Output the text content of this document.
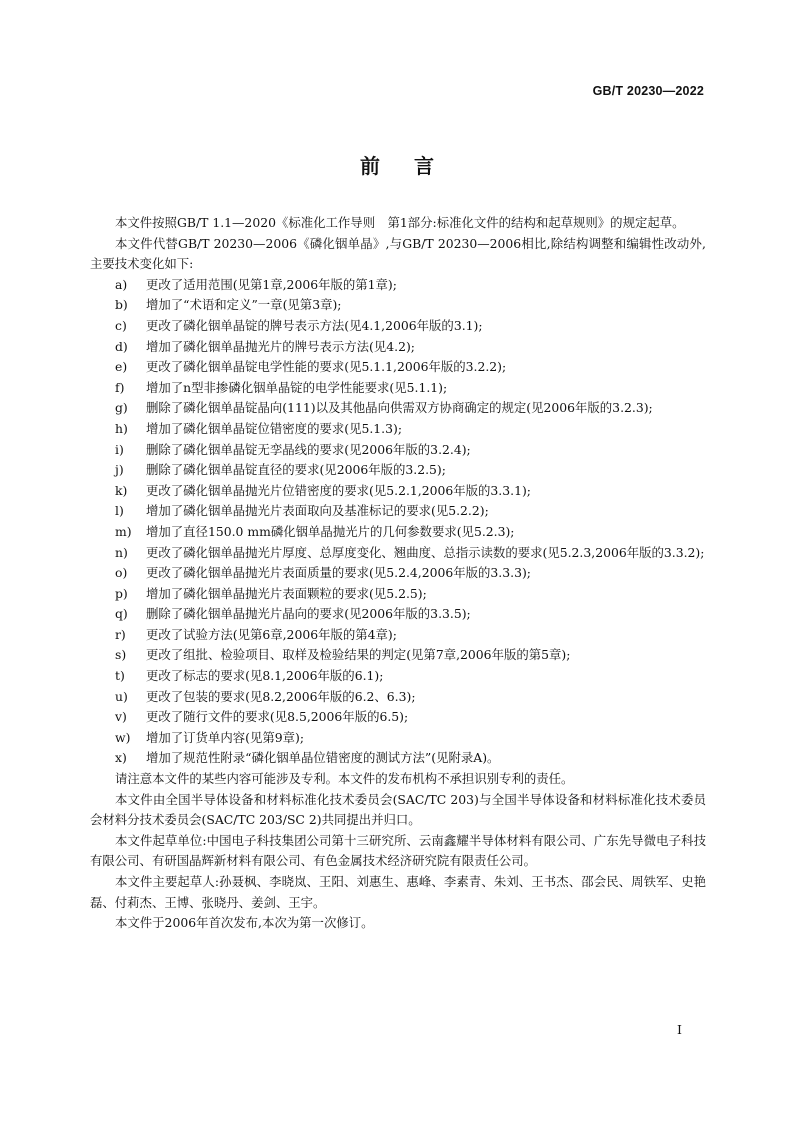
GB/T 20230—2022
前言

本文件按照GB/T 1.1—2020《标准化工作导则　第1部分:标准化文件的结构和起草规则》的规定起草。

本文件代替GB/T 20230—2006《磷化铟单晶》,与GB/T 20230—2006相比,除结构调整和编辑性改动外,主要技术变化如下:

a)	更改了适用范围(见第1章,2006年版的第1章);
b)	增加了“术语和定义”一章(见第3章);
c)	更改了磷化铟单晶锭的牌号表示方法(见4.1,2006年版的3.1);
d)	增加了磷化铟单晶抛光片的牌号表示方法(见4.2);
e)	更改了磷化铟单晶锭电学性能的要求(见5.1.1,2006年版的3.2.2);
f)	增加了n型非掺磷化铟单晶锭的电学性能要求(见5.1.1);
g)	删除了磷化铟单晶锭晶向(111)以及其他晶向供需双方协商确定的规定(见2006年版的3.2.3);
h)	增加了磷化铟单晶锭位错密度的要求(见5.1.3);
i)	删除了磷化铟单晶锭无孪晶线的要求(见2006年版的3.2.4);
j)	删除了磷化铟单晶锭直径的要求(见2006年版的3.2.5);
k)	更改了磷化铟单晶抛光片位错密度的要求(见5.2.1,2006年版的3.3.1);
l)	增加了磷化铟单晶抛光片表面取向及基准标记的要求(见5.2.2);
m)	增加了直径150.0 mm磷化铟单晶抛光片的几何参数要求(见5.2.3);
n)	更改了磷化铟单晶抛光片厚度、总厚度变化、翘曲度、总指示读数的要求(见5.2.3,2006年版的3.3.2);
o)	更改了磷化铟单晶抛光片表面质量的要求(见5.2.4,2006年版的3.3.3);
p)	增加了磷化铟单晶抛光片表面颗粒的要求(见5.2.5);
q)	删除了磷化铟单晶抛光片晶向的要求(见2006年版的3.3.5);
r)	更改了试验方法(见第6章,2006年版的第4章);
s)	更改了组批、检验项目、取样及检验结果的判定(见第7章,2006年版的第5章);
t)	更改了标志的要求(见8.1,2006年版的6.1);
u)	更改了包装的要求(见8.2,2006年版的6.2、6.3);
v)	更改了随行文件的要求(见8.5,2006年版的6.5);
w)	增加了订货单内容(见第9章);
x)	增加了规范性附录“磷化铟单晶位错密度的测试方法”(见附录A)。

请注意本文件的某些内容可能涉及专利。本文件的发布机构不承担识别专利的责任。

本文件由全国半导体设备和材料标准化技术委员会(SAC/TC 203)与全国半导体设备和材料标准化技术委员会材料分技术委员会(SAC/TC 203/SC 2)共同提出并归口。

本文件起草单位:中国电子科技集团公司第十三研究所、云南鑫耀半导体材料有限公司、广东先导微电子科技有限公司、有研国晶辉新材料有限公司、有色金属技术经济研究院有限责任公司。

本文件主要起草人:孙聂枫、李晓岚、王阳、刘惠生、惠峰、李素青、朱刘、王书杰、邵会民、周铁军、史艳磊、付莉杰、王博、张晓丹、姜剑、王宇。

本文件于2006年首次发布,本次为第一次修订。

I
